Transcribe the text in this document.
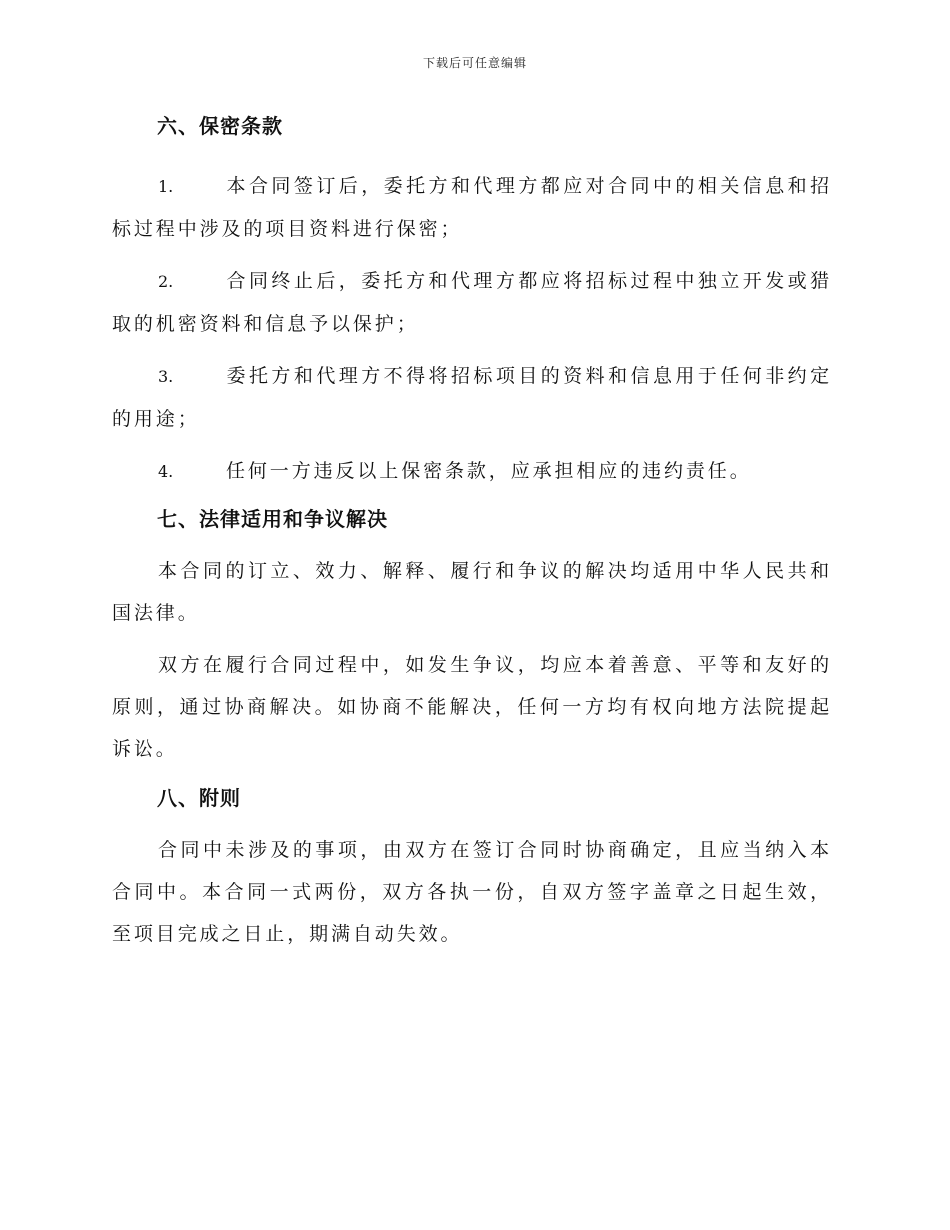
下载后可任意编辑
六、保密条款

1.	本合同签订后，委托方和代理方都应对合同中的相关信息和招标过程中涉及的项目资料进行保密；

2.	合同终止后，委托方和代理方都应将招标过程中独立开发或猎取的机密资料和信息予以保护；

3.	委托方和代理方不得将招标项目的资料和信息用于任何非约定的用途；

4.	任何一方违反以上保密条款，应承担相应的违约责任。

七、法律适用和争议解决

本合同的订立、效力、解释、履行和争议的解决均适用中华人民共和国法律。

双方在履行合同过程中，如发生争议，均应本着善意、平等和友好的原则，通过协商解决。如协商不能解决，任何一方均有权向地方法院提起诉讼。

八、附则

合同中未涉及的事项，由双方在签订合同时协商确定，且应当纳入本合同中。本合同一式两份，双方各执一份，自双方签字盖章之日起生效，至项目完成之日止，期满自动失效。
